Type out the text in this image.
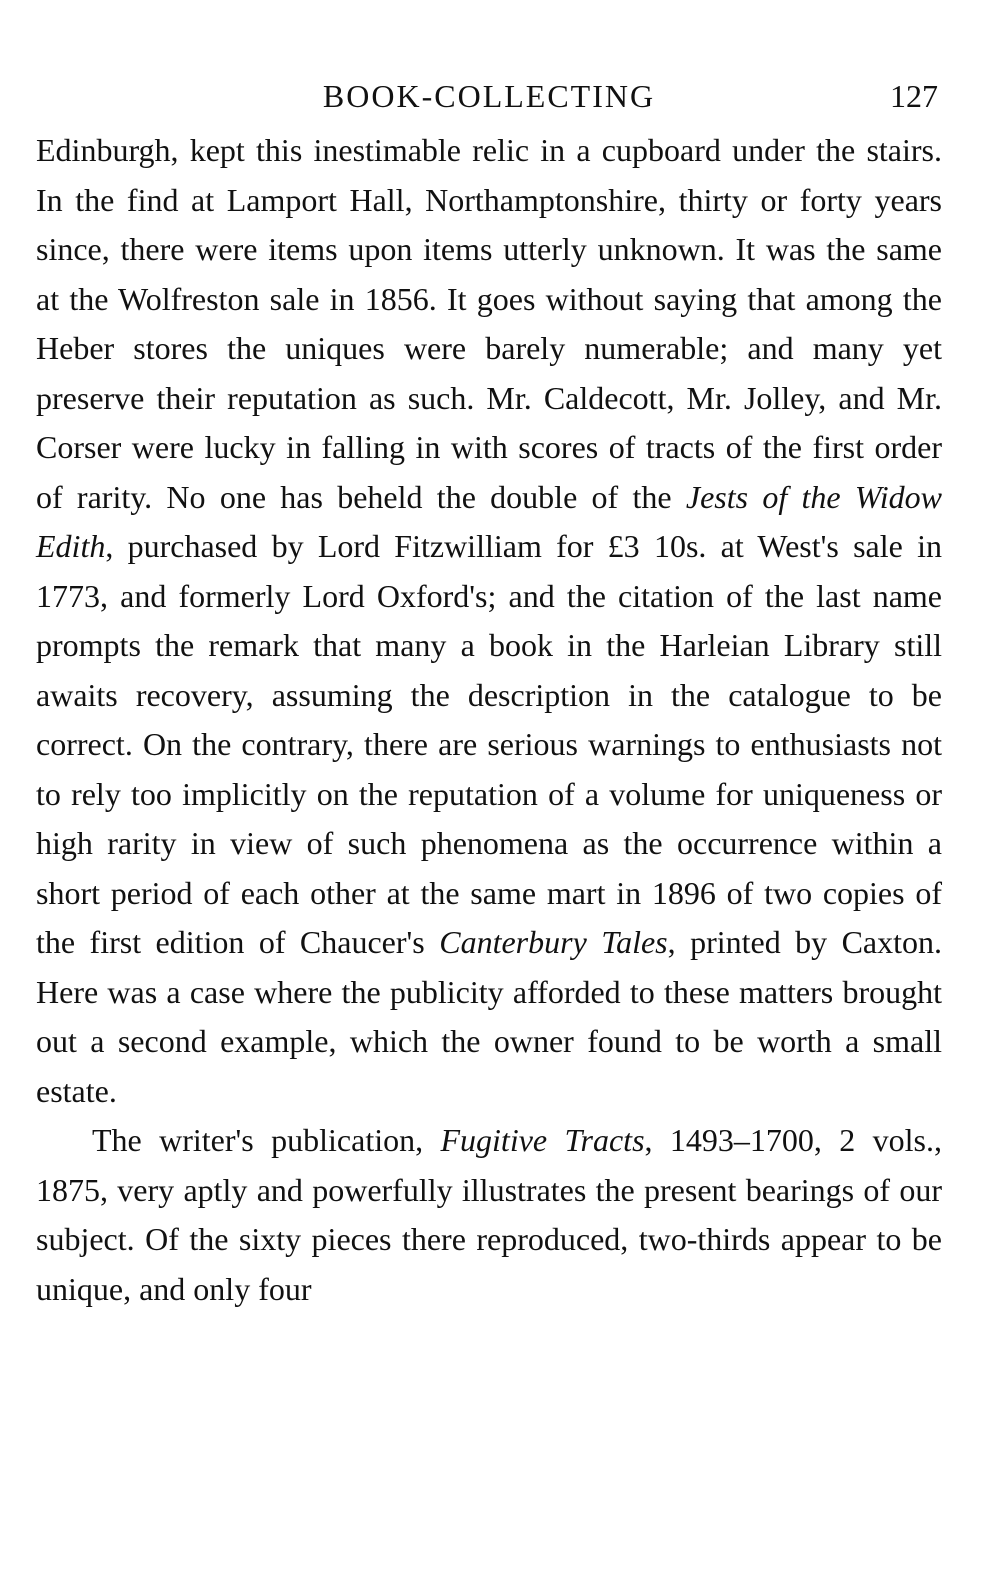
BOOK-COLLECTING	127

Edinburgh, kept this inestimable relic in a cupboard under the stairs. In the find at Lamport Hall, Northamptonshire, thirty or forty years since, there were items upon items utterly unknown. It was the same at the Wolfreston sale in 1856. It goes without saying that among the Heber stores the uniques were barely numerable; and many yet preserve their reputation as such. Mr. Caldecott, Mr. Jolley, and Mr. Corser were lucky in falling in with scores of tracts of the first order of rarity. No one has beheld the double of the Jests of the Widow Edith, purchased by Lord Fitzwilliam for £3 10s. at West's sale in 1773, and formerly Lord Oxford's; and the citation of the last name prompts the remark that many a book in the Harleian Library still awaits recovery, assuming the description in the catalogue to be correct. On the contrary, there are serious warnings to enthusiasts not to rely too implicitly on the reputation of a volume for uniqueness or high rarity in view of such phenomena as the occurrence within a short period of each other at the same mart in 1896 of two copies of the first edition of Chaucer's Canterbury Tales, printed by Caxton. Here was a case where the publicity afforded to these matters brought out a second example, which the owner found to be worth a small estate.

The writer's publication, Fugitive Tracts, 1493–1700, 2 vols., 1875, very aptly and powerfully illustrates the present bearings of our subject. Of the sixty pieces there reproduced, two-thirds appear to be unique, and only four
